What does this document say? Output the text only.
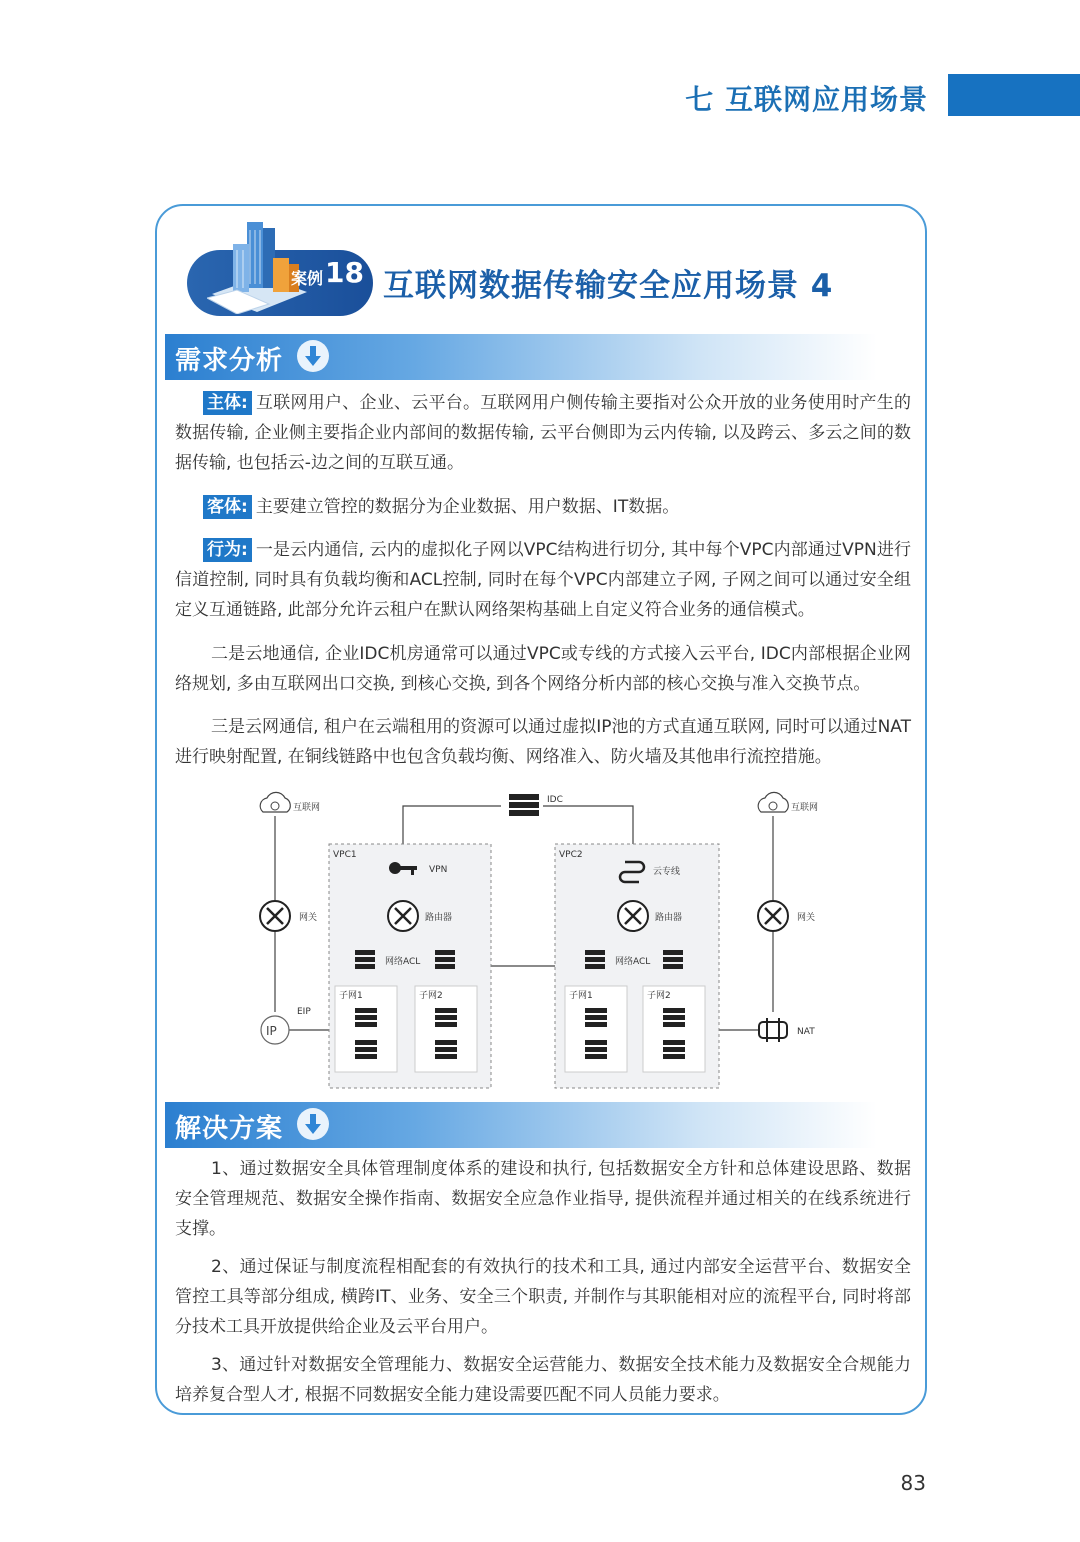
七 互联网应用场景
案例 18 互联网数据传输安全应用场景 4
需求分析

主体: 互联网用户、企业、云平台。互联网用户侧传输主要指对公众开放的业务使用时产生的数据传输, 企业侧主要指企业内部间的数据传输, 云平台侧即为云内传输, 以及跨云、多云之间的数据传输, 也包括云-边之间的互联互通。

客体: 主要建立管控的数据分为企业数据、用户数据、IT数据。

行为: 一是云内通信, 云内的虚拟化子网以VPC结构进行切分, 其中每个VPC内部通过VPN进行信道控制, 同时具有负载均衡和ACL控制, 同时在每个VPC内部建立子网, 子网之间可以通过安全组定义互通链路, 此部分允许云租户在默认网络架构基础上自定义符合业务的通信模式。

二是云地通信, 企业IDC机房通常可以通过VPC或专线的方式接入云平台, IDC内部根据企业网络规划, 多由互联网出口交换, 到核心交换, 到各个网络分析内部的核心交换与准入交换节点。

三是云网通信, 租户在云端租用的资源可以通过虚拟IP池的方式直通互联网, 同时可以通过NAT进行映射配置, 在铜线链路中也包含负载均衡、网络准入、防火墙及其他串行流控措施。

VPC1	VPC2
互联网	互联网
IDC
网关	网关
EIP
IP	NAT
VPN	云专线
路由器	路由器
网络ACL	网络ACL
子网1	子网2	子网1	子网2
解决方案

1、通过数据安全具体管理制度体系的建设和执行, 包括数据安全方针和总体建设思路、数据安全管理规范、数据安全操作指南、数据安全应急作业指导, 提供流程并通过相关的在线系统进行支撑。

2、通过保证与制度流程相配套的有效执行的技术和工具, 通过内部安全运营平台、数据安全管控工具等部分组成, 横跨IT、业务、安全三个职责, 并制作与其职能相对应的流程平台, 同时将部分技术工具开放提供给企业及云平台用户。

3、通过针对数据安全管理能力、数据安全运营能力、数据安全技术能力及数据安全合规能力培养复合型人才, 根据不同数据安全能力建设需要匹配不同人员能力要求。

83
